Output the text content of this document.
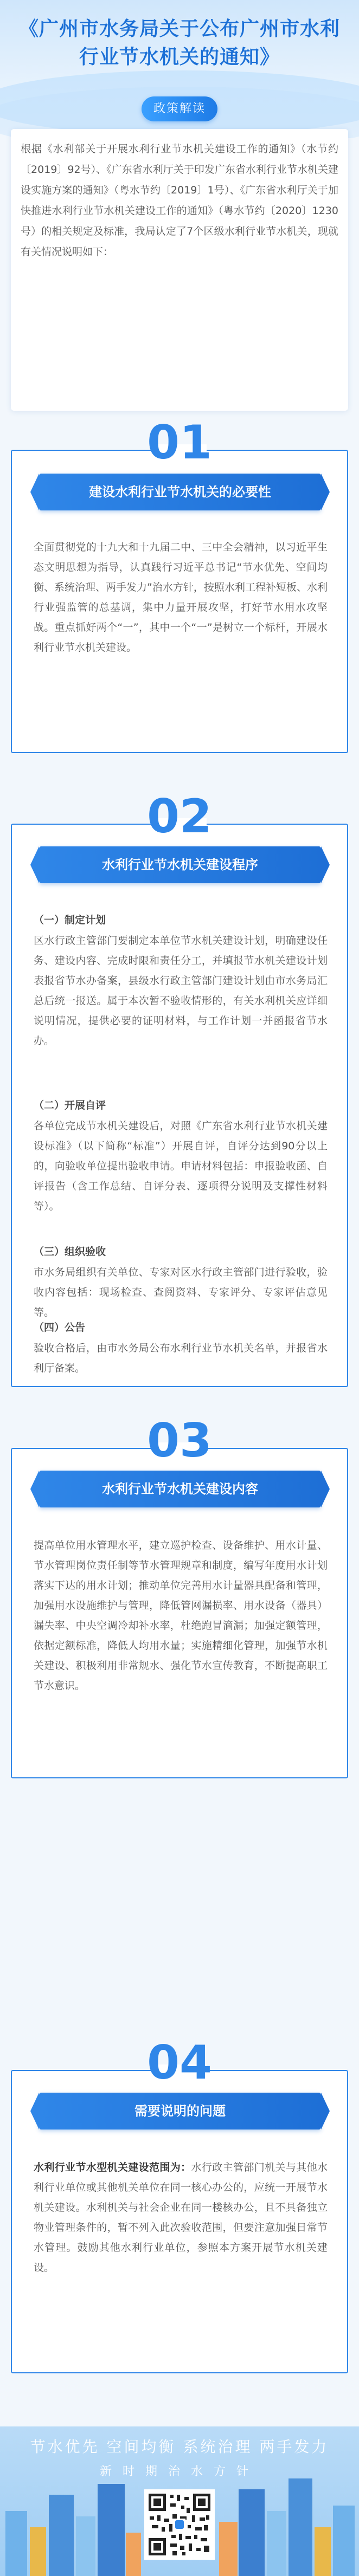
《广州市水务局关于公布广州市水利行业节水机关的通知》
政策解读

根据《水利部关于开展水利行业节水机关建设工作的通知》（水节约〔2019〕92号）、《广东省水利厅关于印发广东省水利行业节水机关建设实施方案的通知》（粤水节约〔2019〕1号）、《广东省水利厅关于加快推进水利行业节水机关建设工作的通知》（粤水节约〔2020〕1230号）的相关规定及标准，我局认定了7个区级水利行业节水机关，现就有关情况说明如下：

建设水利行业节水机关的必要性

全面贯彻党的十九大和十九届二中、三中全会精神，以习近平生态文明思想为指导，认真践行习近平总书记“节水优先、空间均衡、系统治理、两手发力”治水方针，按照水利工程补短板、水利行业强监管的总基调，集中力量开展攻坚，打好节水用水攻坚战。重点抓好两个“一”，其中一个“一”是树立一个标杆，开展水利行业节水机关建设。

01
水利行业节水机关建设程序

（一）制定计划

区水行政主管部门要制定本单位节水机关建设计划，明确建设任务、建设内容、完成时限和责任分工，并填报节水机关建设计划表报省节水办备案，县级水行政主管部门建设计划由市水务局汇总后统一报送。属于本次暂不验收情形的，有关水利机关应详细说明情况，提供必要的证明材料，与工作计划一并函报省节水办。

（二）开展自评

各单位完成节水机关建设后，对照《广东省水利行业节水机关建设标准》（以下简称“标准”）开展自评，自评分达到90分以上的，向验收单位提出验收申请。申请材料包括：申报验收函、自评报告（含工作总结、自评分表、逐项得分说明及支撑性材料等）。

（三）组织验收

市水务局组织有关单位、专家对区水行政主管部门进行验收，验收内容包括：现场检查、查阅资料、专家评分、专家评估意见等。

（四）公告

验收合格后，由市水务局公布水利行业节水机关名单，并报省水利厅备案。

02
水利行业节水机关建设内容

提高单位用水管理水平，建立巡护检查、设备维护、用水计量、节水管理岗位责任制等节水管理规章和制度，编写年度用水计划落实下达的用水计划；推动单位完善用水计量器具配备和管理，加强用水设施维护与管理，降低管网漏损率、用水设备（器具）漏失率、中央空调冷却补水率，杜绝跑冒滴漏；加强定额管理，依据定额标准，降低人均用水量；实施精细化管理，加强节水机关建设、积极利用非常规水、强化节水宣传教育，不断提高职工节水意识。

03
需要说明的问题

水利行业节水型机关建设范围为：水行政主管部门机关与其他水利行业单位或其他机关单位在同一核心办公的，应统一开展节水机关建设。水利机关与社会企业在同一楼核办公，且不具备独立物业管理条件的，暂不列入此次验收范围，但要注意加强日常节水管理。鼓励其他水利行业单位，参照本方案开展节水机关建设。

04
节水优先 空间均衡 系统治理 两手发力
新时期治水方针
